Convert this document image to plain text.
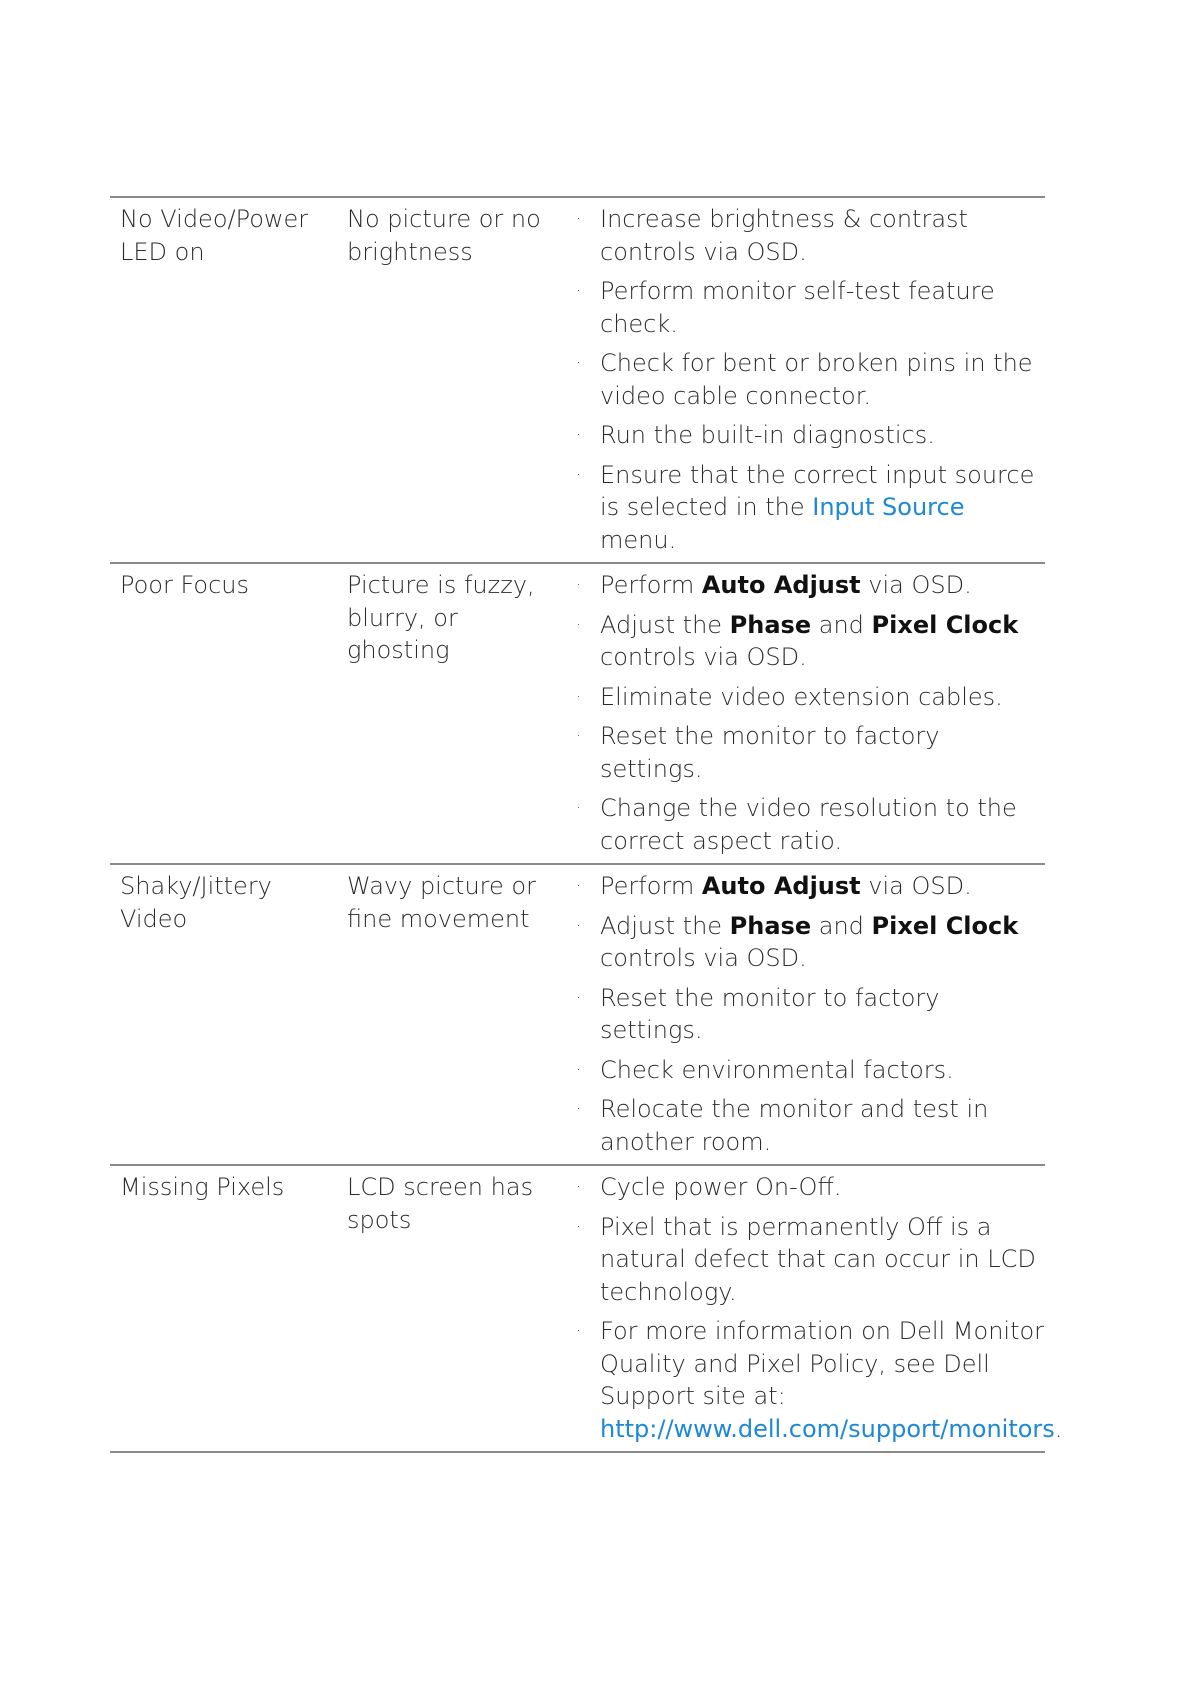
No Video/Power LED on
No picture or no brightness
· Increase brightness & contrast controls via OSD.
· Perform monitor self-test feature check.
· Check for bent or broken pins in the video cable connector.
· Run the built-in diagnostics.
· Ensure that the correct input source is selected in the Input Source menu.
Poor Focus	Picture is fuzzy, blurry, or ghosting
· Perform Auto Adjust via OSD.
· Adjust the Phase and Pixel Clock controls via OSD.
· Eliminate video extension cables.
· Reset the monitor to factory settings.
· Change the video resolution to the correct aspect ratio.
Shaky/Jittery Video
Wavy picture or fine movement
· Perform Auto Adjust via OSD.
· Adjust the Phase and Pixel Clock controls via OSD.
· Reset the monitor to factory settings.
· Check environmental factors.
· Relocate the monitor and test in another room.
Missing Pixels	LCD screen has spots
· Cycle power On-Off.
· Pixel that is permanently Off is a natural defect that can occur in LCD technology.
· For more information on Dell Monitor Quality and Pixel Policy, see Dell Support site at: http://www.dell.com/support/monitors.
